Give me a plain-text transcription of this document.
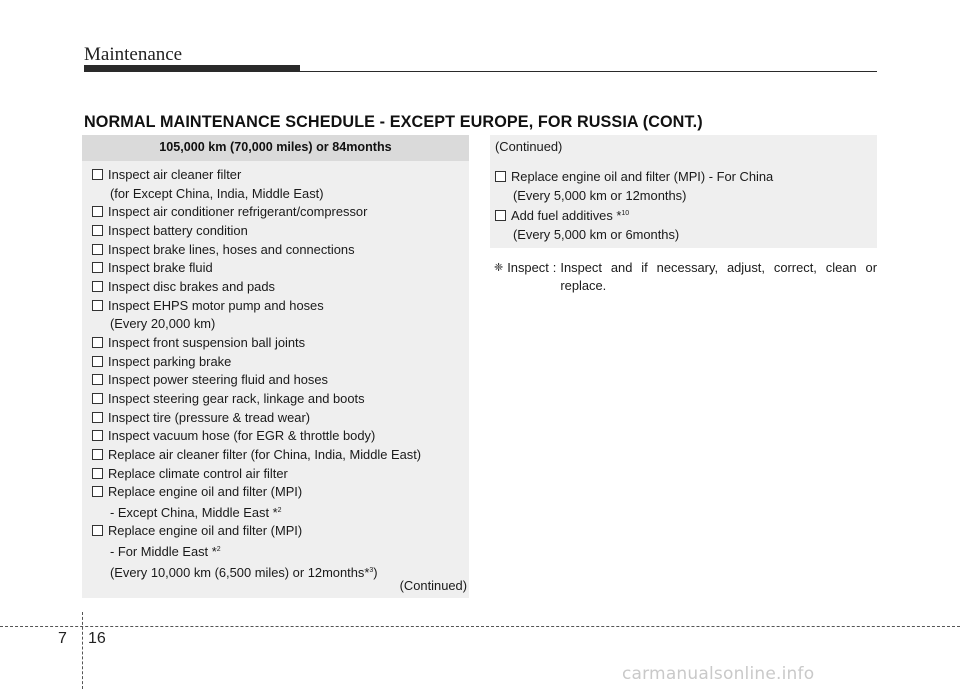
Maintenance
NORMAL MAINTENANCE SCHEDULE - EXCEPT EUROPE, FOR RUSSIA (CONT.)
105,000 km (70,000 miles) or 84months
Inspect air cleaner filter
(for Except China, India, Middle East)
Inspect air conditioner refrigerant/compressor
Inspect battery condition
Inspect brake lines, hoses and connections
Inspect brake fluid
Inspect disc brakes and pads
Inspect EHPS motor pump and hoses
(Every 20,000 km)
Inspect front suspension ball joints
Inspect parking brake
Inspect power steering fluid and hoses
Inspect steering gear rack, linkage and boots
Inspect tire (pressure & tread wear)
Inspect vacuum hose (for EGR & throttle body)
Replace air cleaner filter (for China, India, Middle East)
Replace climate control air filter
Replace engine oil and filter (MPI)
- Except China, Middle East *$^2$
Replace engine oil and filter (MPI)
- For Middle East *$^2$
(Every 10,000 km (6,500 miles) or 12months*$^3$)
(Continued)
(Continued)
Replace engine oil and filter (MPI) - For China
(Every 5,000 km or 12months)
Add fuel additives *$^{10}$
(Every 5,000 km or 6months)
❈ Inspect : Inspect and if necessary, adjust, correct, clean or replace.
7 16
carmanualsonline.info
